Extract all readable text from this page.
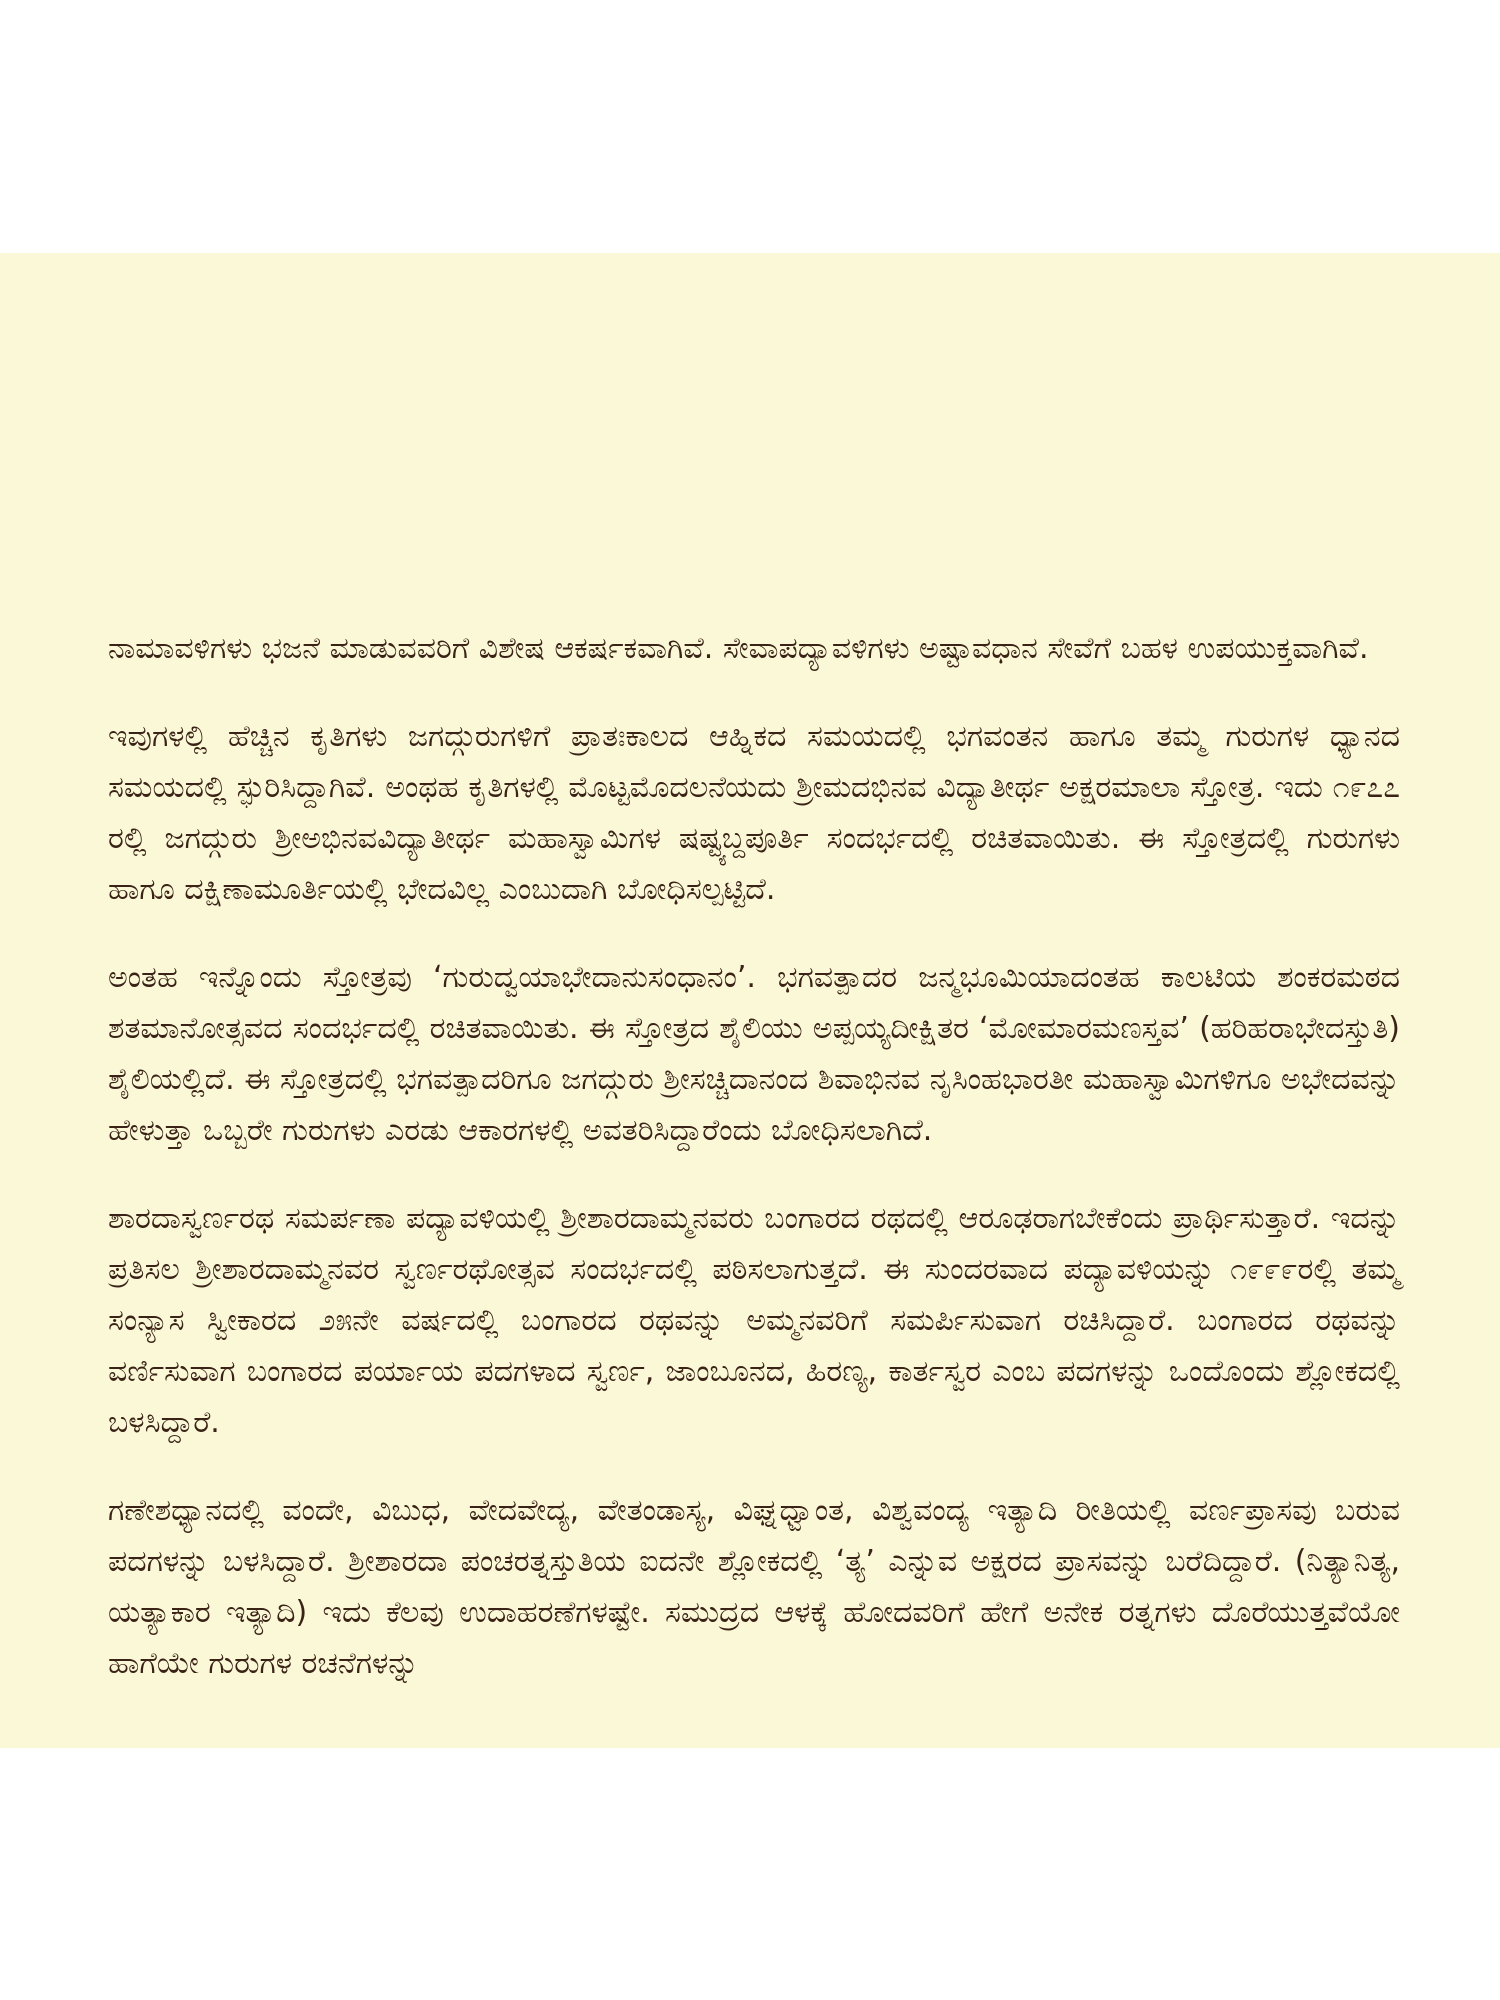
ನಾಮಾವಳಿಗಳು ಭಜನೆ ಮಾಡುವವರಿಗೆ ವಿಶೇಷ ಆಕರ್ಷಕವಾಗಿವೆ. ಸೇವಾಪದ್ಯಾವಳಿಗಳು ಅಷ್ಟಾವಧಾನ ಸೇವೆಗೆ ಬಹಳ ಉಪಯುಕ್ತವಾಗಿವೆ.

ಇವುಗಳಲ್ಲಿ ಹೆಚ್ಚಿನ ಕೃತಿಗಳು ಜಗದ್ಗುರುಗಳಿಗೆ ಪ್ರಾತಃಕಾಲದ ಆಹ್ನಿಕದ ಸಮಯದಲ್ಲಿ ಭಗವಂತನ ಹಾಗೂ ತಮ್ಮ ಗುರುಗಳ ಧ್ಯಾನದ ಸಮಯದಲ್ಲಿ ಸ್ಫುರಿಸಿದ್ದಾಗಿವೆ. ಅಂಥಹ ಕೃತಿಗಳಲ್ಲಿ ಮೊಟ್ಟಮೊದಲನೆಯದು ಶ್ರೀಮದಭಿನವ ವಿದ್ಯಾತೀರ್ಥ ಅಕ್ಷರಮಾಲಾ ಸ್ತೋತ್ರ. ಇದು ೧೯೭೭ ರಲ್ಲಿ ಜಗದ್ಗುರು ಶ್ರೀಅಭಿನವವಿದ್ಯಾತೀರ್ಥ ಮಹಾಸ್ವಾಮಿಗಳ ಷಷ್ಟ್ಯಬ್ದಪೂರ್ತಿ ಸಂದರ್ಭದಲ್ಲಿ ರಚಿತವಾಯಿತು. ಈ ಸ್ತೋತ್ರದಲ್ಲಿ ಗುರುಗಳು ಹಾಗೂ ದಕ್ಷಿಣಾಮೂರ್ತಿಯಲ್ಲಿ ಭೇದವಿಲ್ಲ ಎಂಬುದಾಗಿ ಬೋಧಿಸಲ್ಪಟ್ಟಿದೆ.

ಅಂತಹ ಇನ್ನೊಂದು ಸ್ತೋತ್ರವು ‘ಗುರುದ್ವಯಾಭೇದಾನುಸಂಧಾನಂ’. ಭಗವತ್ಪಾದರ ಜನ್ಮಭೂಮಿಯಾದಂತಹ ಕಾಲಟಿಯ ಶಂಕರಮಠದ ಶತಮಾನೋತ್ಸವದ ಸಂದರ್ಭದಲ್ಲಿ ರಚಿತವಾಯಿತು. ಈ ಸ್ತೋತ್ರದ ಶೈಲಿಯು ಅಪ್ಪಯ್ಯದೀಕ್ಷಿತರ ‘ಮೋಮಾರಮಣಸ್ತವ’ (ಹರಿಹರಾಭೇದಸ್ತುತಿ) ಶೈಲಿಯಲ್ಲಿದೆ. ಈ ಸ್ತೋತ್ರದಲ್ಲಿ ಭಗವತ್ಪಾದರಿಗೂ ಜಗದ್ಗುರು ಶ್ರೀಸಚ್ಚಿದಾನಂದ ಶಿವಾಭಿನವ ನೃಸಿಂಹಭಾರತೀ ಮಹಾಸ್ವಾಮಿಗಳಿಗೂ ಅಭೇದವನ್ನು ಹೇಳುತ್ತಾ ಒಬ್ಬರೇ ಗುರುಗಳು ಎರಡು ಆಕಾರಗಳಲ್ಲಿ ಅವತರಿಸಿದ್ದಾರೆಂದು ಬೋಧಿಸಲಾಗಿದೆ.

ಶಾರದಾಸ್ವರ್ಣರಥ ಸಮರ್ಪಣಾ ಪದ್ಯಾವಳಿಯಲ್ಲಿ ಶ್ರೀಶಾರದಾಮ್ಮನವರು ಬಂಗಾರದ ರಥದಲ್ಲಿ ಆರೂಢರಾಗಬೇಕೆಂದು ಪ್ರಾರ್ಥಿಸುತ್ತಾರೆ. ಇದನ್ನು ಪ್ರತಿಸಲ ಶ್ರೀಶಾರದಾಮ್ಮನವರ ಸ್ವರ್ಣರಥೋತ್ಸವ ಸಂದರ್ಭದಲ್ಲಿ ಪಠಿಸಲಾಗುತ್ತದೆ. ಈ ಸುಂದರವಾದ ಪದ್ಯಾವಳಿಯನ್ನು ೧೯೯೯ರಲ್ಲಿ ತಮ್ಮ ಸಂನ್ಯಾಸ ಸ್ವೀಕಾರದ ೨೫ನೇ ವರ್ಷದಲ್ಲಿ ಬಂಗಾರದ ರಥವನ್ನು ಅಮ್ಮನವರಿಗೆ ಸಮರ್ಪಿಸುವಾಗ ರಚಿಸಿದ್ದಾರೆ. ಬಂಗಾರದ ರಥವನ್ನು ವರ್ಣಿಸುವಾಗ ಬಂಗಾರದ ಪರ್ಯಾಯ ಪದಗಳಾದ ಸ್ವರ್ಣ, ಜಾಂಬೂನದ, ಹಿರಣ್ಯ, ಕಾರ್ತಸ್ವರ ಎಂಬ ಪದಗಳನ್ನು ಒಂದೊಂದು ಶ್ಲೋಕದಲ್ಲಿ ಬಳಸಿದ್ದಾರೆ.

ಗಣೇಶಧ್ಯಾನದಲ್ಲಿ ವಂದೇ, ವಿಬುಧ, ವೇದವೇದ್ಯ, ವೇತಂಡಾಸ್ಯ, ವಿಘ್ನಧ್ವಾಂತ, ವಿಶ್ವವಂದ್ಯ ಇತ್ಯಾದಿ ರೀತಿಯಲ್ಲಿ ವರ್ಣಪ್ರಾಸವು ಬರುವ ಪದಗಳನ್ನು ಬಳಸಿದ್ದಾರೆ. ಶ್ರೀಶಾರದಾ ಪಂಚರತ್ನಸ್ತುತಿಯ ಐದನೇ ಶ್ಲೋಕದಲ್ಲಿ ‘ತ್ಯ’ ಎನ್ನುವ ಅಕ್ಷರದ ಪ್ರಾಸವನ್ನು ಬರೆದಿದ್ದಾರೆ. (ನಿತ್ಯಾನಿತ್ಯ, ಯತ್ಯಾಕಾರ ಇತ್ಯಾದಿ) ಇದು ಕೆಲವು ಉದಾಹರಣೆಗಳಷ್ಟೇ. ಸಮುದ್ರದ ಆಳಕ್ಕೆ ಹೋದವರಿಗೆ ಹೇಗೆ ಅನೇಕ ರತ್ನಗಳು ದೊರೆಯುತ್ತವೆಯೋ ಹಾಗೆಯೇ ಗುರುಗಳ ರಚನೆಗಳನ್ನು
